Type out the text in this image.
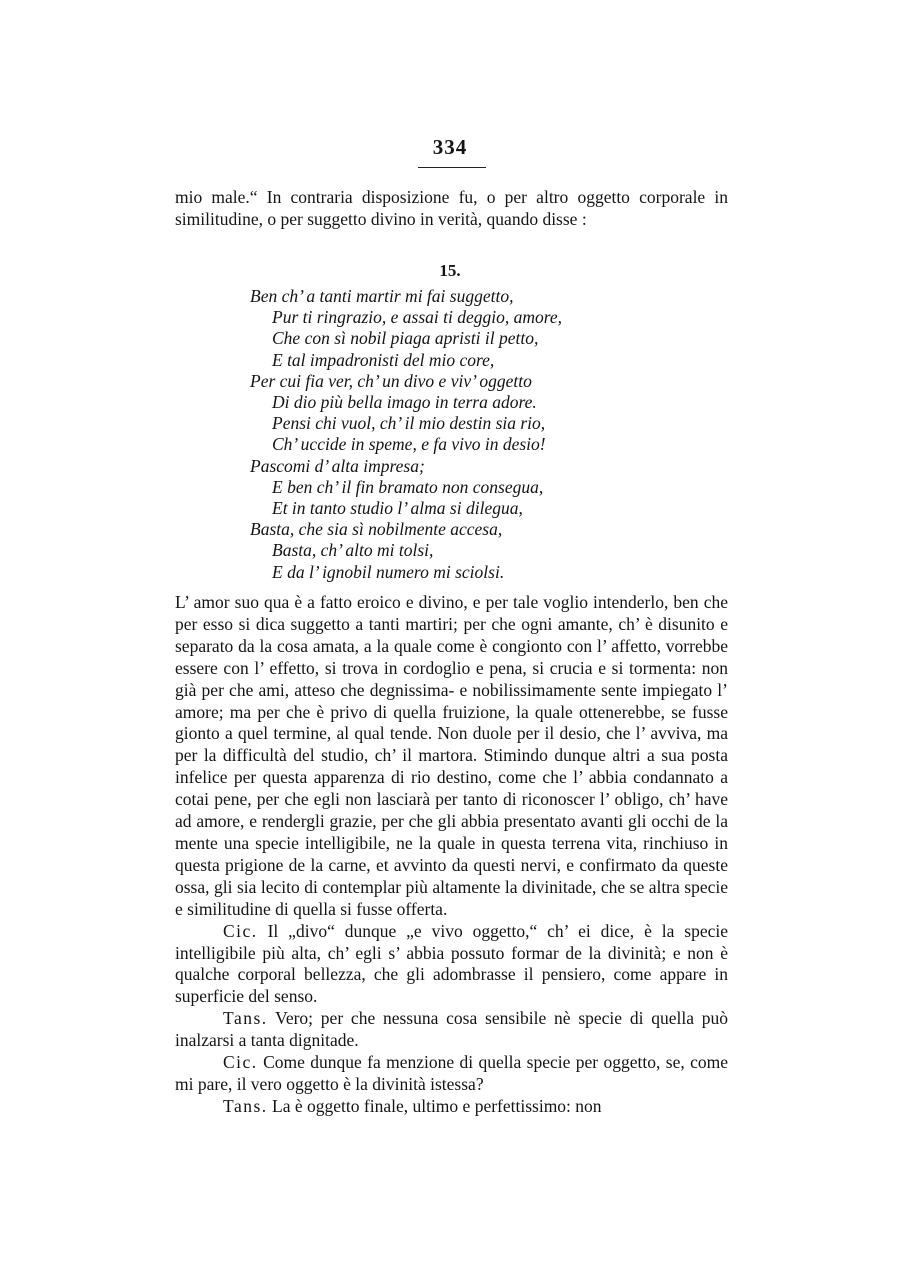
334
mio male.“ In contraria disposizione fu, o per altro oggetto corporale in similitudine, o per suggetto divino in verità, quando disse :
15.
Ben ch’ a tanti martir mi fai suggetto,
Pur ti ringrazio, e assai ti deggio, amore,
Che con sì nobil piaga apristi il petto,
E tal impadronisti del mio core,
Per cui fia ver, ch’ un divo e viv’ oggetto
Di dio più bella imago in terra adore.
Pensi chi vuol, ch’ il mio destin sia rio,
Ch’ uccide in speme, e fa vivo in desio!
Pascomi d’ alta impresa;
E ben ch’ il fin bramato non consegua,
Et in tanto studio l’ alma si dilegua,
Basta, che sia sì nobilmente accesa,
Basta, ch’ alto mi tolsi,
E da l’ ignobil numero mi sciolsi.
L’ amor suo qua è a fatto eroico e divino, e per tale voglio intenderlo, ben che per esso si dica suggetto a tanti martiri; per che ogni amante, ch’ è disunito e separato da la cosa amata, a la quale come è congionto con l’ affetto, vorrebbe essere con l’ effetto, si trova in cordoglio e pena, si crucia e si tormenta: non già per che ami, atteso che degnissima- e nobilissimamente sente impiegato l’ amore; ma per che è privo di quella fruizione, la quale ottenerebbe, se fusse gionto a quel termine, al qual tende. Non duole per il desio, che l’ avviva, ma per la difficultà del studio, ch’ il martora. Stimindo dunque altri a sua posta infelice per questa apparenza di rio destino, come che l’ abbia condannato a cotai pene, per che egli non lasciarà per tanto di riconoscer l’ obligo, ch’ have ad amore, e rendergli grazie, per che gli abbia presentato avanti gli occhi de la mente una specie intelligibile, ne la quale in questa terrena vita, rinchiuso in questa prigione de la carne, et avvinto da questi nervi, e confirmato da queste ossa, gli sia lecito di contemplar più altamente la divinitade, che se altra specie e similitudine di quella si fusse offerta.
Cic. Il „divo“ dunque „e vivo oggetto,“ ch’ ei dice, è la specie intelligibile più alta, ch’ egli s’ abbia possuto formar de la divinità; e non è qualche corporal bellezza, che gli adombrasse il pensiero, come appare in superficie del senso.
Tans. Vero; per che nessuna cosa sensibile nè specie di quella può inalzarsi a tanta dignitade.
Cic. Come dunque fa menzione di quella specie per oggetto, se, come mi pare, il vero oggetto è la divinità istessa?
Tans. La è oggetto finale, ultimo e perfettissimo: non
